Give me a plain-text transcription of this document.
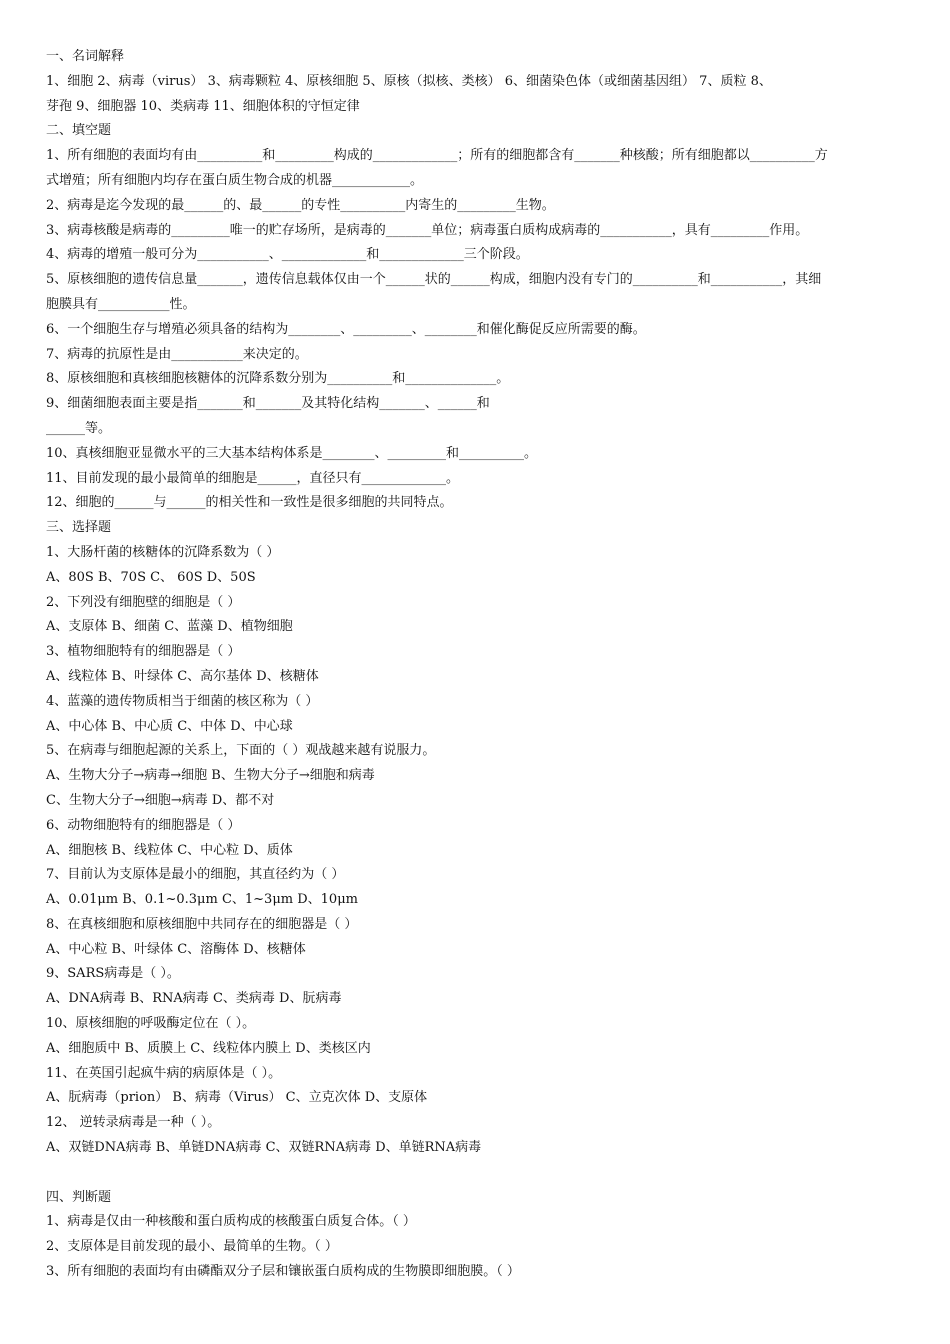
一、名词解释
1、细胞 2、病毒（virus） 3、病毒颗粒 4、原核细胞 5、原核（拟核、类核） 6、细菌染色体（或细菌基因组） 7、质粒 8、
芽孢 9、细胞器 10、类病毒 11、细胞体积的守恒定律
二、填空题
1、所有细胞的表面均有由__________和_________构成的_____________；所有的细胞都含有_______种核酸；所有细胞都以__________方
式增殖；所有细胞内均存在蛋白质生物合成的机器____________。
2、病毒是迄今发现的最______的、最______的专性__________内寄生的_________生物。
3、病毒核酸是病毒的_________唯一的贮存场所，是病毒的_______单位；病毒蛋白质构成病毒的___________，具有_________作用。
4、病毒的增殖一般可分为___________、_____________和_____________三个阶段。
5、原核细胞的遗传信息量_______，遗传信息载体仅由一个______状的______构成，细胞内没有专门的__________和___________，其细
胞膜具有___________性。
6、一个细胞生存与增殖必须具备的结构为________、_________、________和催化酶促反应所需要的酶。
7、病毒的抗原性是由___________来决定的。
8、原核细胞和真核细胞核糖体的沉降系数分别为__________和______________。
9、细菌细胞表面主要是指_______和_______及其特化结构_______、______和
______等。
10、真核细胞亚显微水平的三大基本结构体系是________、_________和__________。
11、目前发现的最小最简单的细胞是______，直径只有_____________。
12、细胞的______与______的相关性和一致性是很多细胞的共同特点。
三、选择题
1、大肠杆菌的核糖体的沉降系数为（ ）
A、80S B、70S C、 60S D、50S
2、下列没有细胞壁的细胞是（ ）
A、支原体 B、细菌 C、蓝藻 D、植物细胞
3、植物细胞特有的细胞器是（ ）
A、线粒体 B、叶绿体 C、高尔基体 D、核糖体
4、蓝藻的遗传物质相当于细菌的核区称为（ ）
A、中心体 B、中心质 C、中体 D、中心球
5、在病毒与细胞起源的关系上，下面的（ ）观战越来越有说服力。
A、生物大分子→病毒→细胞 B、生物大分子→细胞和病毒
C、生物大分子→细胞→病毒 D、都不对
6、动物细胞特有的细胞器是（ ）
A、细胞核 B、线粒体 C、中心粒 D、质体
7、目前认为支原体是最小的细胞，其直径约为（ ）
A、0.01μm B、0.1~0.3μm C、1~3μm D、10μm
8、在真核细胞和原核细胞中共同存在的细胞器是（ ）
A、中心粒 B、叶绿体 C、溶酶体 D、核糖体
9、SARS病毒是（ ）。
A、DNA病毒 B、RNA病毒 C、类病毒 D、朊病毒
10、原核细胞的呼吸酶定位在（ ）。
A、细胞质中 B、质膜上 C、线粒体内膜上 D、类核区内
11、在英国引起疯牛病的病原体是（ ）。
A、朊病毒（prion） B、病毒（Virus） C、立克次体 D、支原体
12、 逆转录病毒是一种（ ）。
A、双链DNA病毒 B、单链DNA病毒 C、双链RNA病毒 D、单链RNA病毒
四、判断题
1、病毒是仅由一种核酸和蛋白质构成的核酸蛋白质复合体。（ ）
2、支原体是目前发现的最小、最简单的生物。（ ）
3、所有细胞的表面均有由磷酯双分子层和镶嵌蛋白质构成的生物膜即细胞膜。（ ）
